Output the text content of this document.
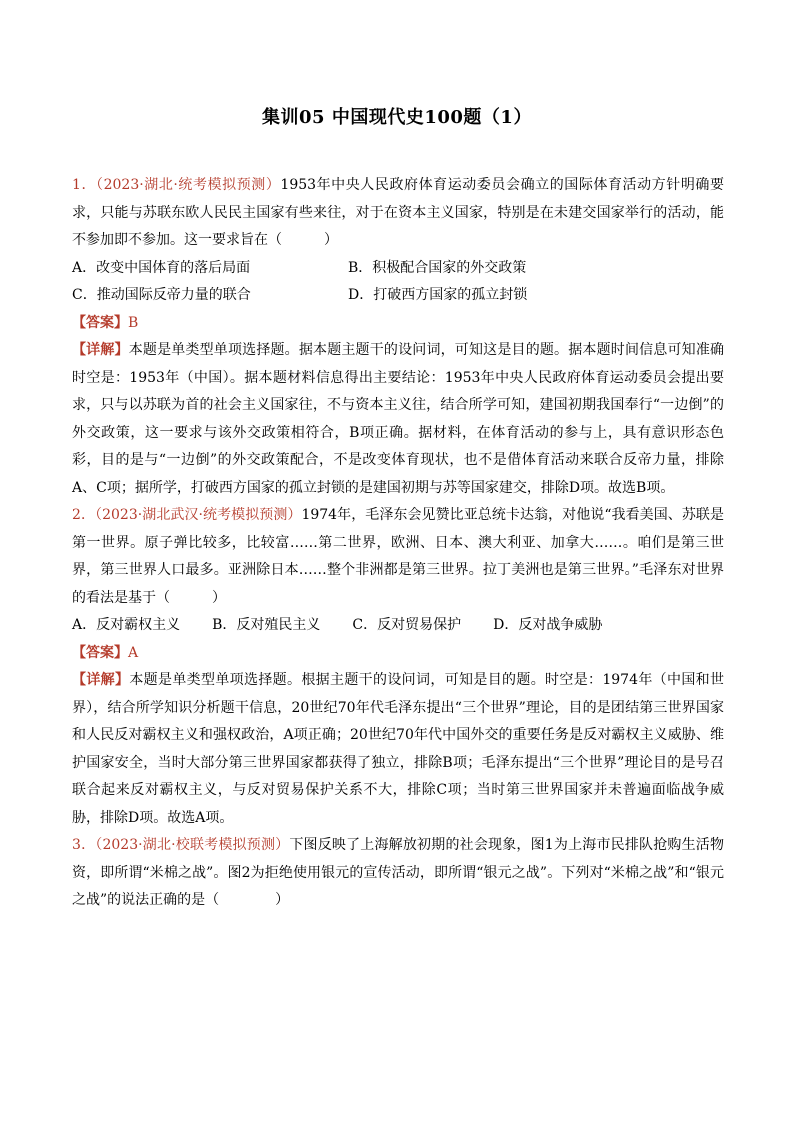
集训05 中国现代史100题（1）

1．（2023·湖北·统考模拟预测）1953年中央人民政府体育运动委员会确立的国际体育活动方针明确要求，只能与苏联东欧人民民主国家有些来往，对于在资本主义国家，特别是在未建交国家举行的活动，能不参加即不参加。这一要求旨在（　　　）

A．改变中国体育的落后局面	B．积极配合国家的外交政策

C．推动国际反帝力量的联合	D．打破西方国家的孤立封锁

【答案】B

【详解】本题是单类型单项选择题。据本题主题干的设问词，可知这是目的题。据本题时间信息可知准确时空是：1953年（中国）。据本题材料信息得出主要结论：1953年中央人民政府体育运动委员会提出要求，只与以苏联为首的社会主义国家往，不与资本主义往，结合所学可知，建国初期我国奉行“一边倒”的外交政策，这一要求与该外交政策相符合，B项正确。据材料，在体育活动的参与上，具有意识形态色彩，目的是与“一边倒”的外交政策配合，不是改变体育现状，也不是借体育活动来联合反帝力量，排除A、C项；据所学，打破西方国家的孤立封锁的是建国初期与苏等国家建交，排除D项。故选B项。

2．（2023·湖北武汉·统考模拟预测）1974年，毛泽东会见赞比亚总统卡达翁，对他说“我看美国、苏联是第一世界。原子弹比较多，比较富……第二世界，欧洲、日本、澳大利亚、加拿大……。咱们是第三世界，第三世界人口最多。亚洲除日本……整个非洲都是第三世界。拉丁美洲也是第三世界。”毛泽东对世界的看法是基于（　　　）

A．反对霸权主义 B．反对殖民主义 C．反对贸易保护 D．反对战争威胁

【答案】A

【详解】本题是单类型单项选择题。根据主题干的设问词，可知是目的题。时空是：1974年（中国和世界），结合所学知识分析题干信息，20世纪70年代毛泽东提出“三个世界”理论，目的是团结第三世界国家和人民反对霸权主义和强权政治，A项正确；20世纪70年代中国外交的重要任务是反对霸权主义威胁、维护国家安全，当时大部分第三世界国家都获得了独立，排除B项；毛泽东提出“三个世界”理论目的是号召联合起来反对霸权主义，与反对贸易保护关系不大，排除C项；当时第三世界国家并未普遍面临战争威胁，排除D项。故选A项。

3．（2023·湖北·校联考模拟预测）下图反映了上海解放初期的社会现象，图1为上海市民排队抢购生活物资，即所谓“米棉之战”。图2为拒绝使用银元的宣传活动，即所谓“银元之战”。下列对“米棉之战”和“银元之战”的说法正确的是（　　　　）
